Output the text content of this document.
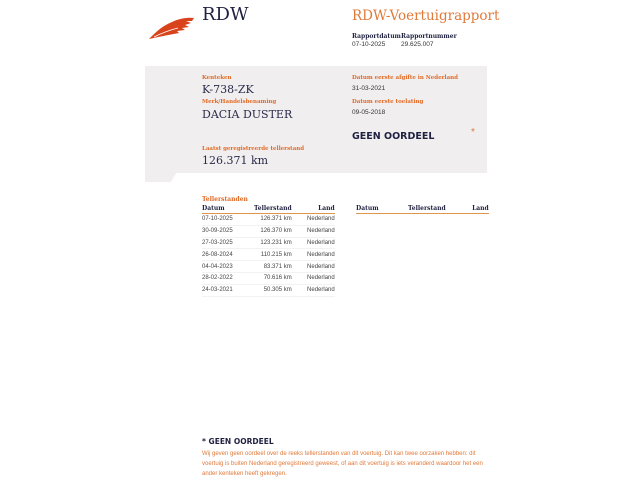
RDW	RDW-Voertuigrapport
Rapportdatum
07-10-2025
Rapportnummer
29.625.007
Kenteken
K-738-ZK
Merk/Handelsbenaming
DACIA DUSTER
Laatst geregistreerde tellerstand
126.371 km
Datum eerste afgifte in Nederland
31-03-2021
Datum eerste toelating
09-05-2018
GEEN OORDEEL	*
Tellerstanden
Datum	Tellerstand	Land
07-10-2025	126.371 km	Nederland
30-09-2025	126.370 km	Nederland
27-03-2025	123.231 km	Nederland
26-08-2024	110.215 km	Nederland
04-04-2023	83.371 km	Nederland
28-02-2022	70.616 km	Nederland
24-03-2021	50.305 km	Nederland
Datum	Tellerstand	Land
* GEEN OORDEEL
Wij geven geen oordeel over de reeks tellerstanden van dit voertuig. Dit kan twee oorzaken hebben: dit voertuig is buiten Nederland geregistreerd geweest, of aan dit voertuig is iets veranderd waardoor het een ander kenteken heeft gekregen.
